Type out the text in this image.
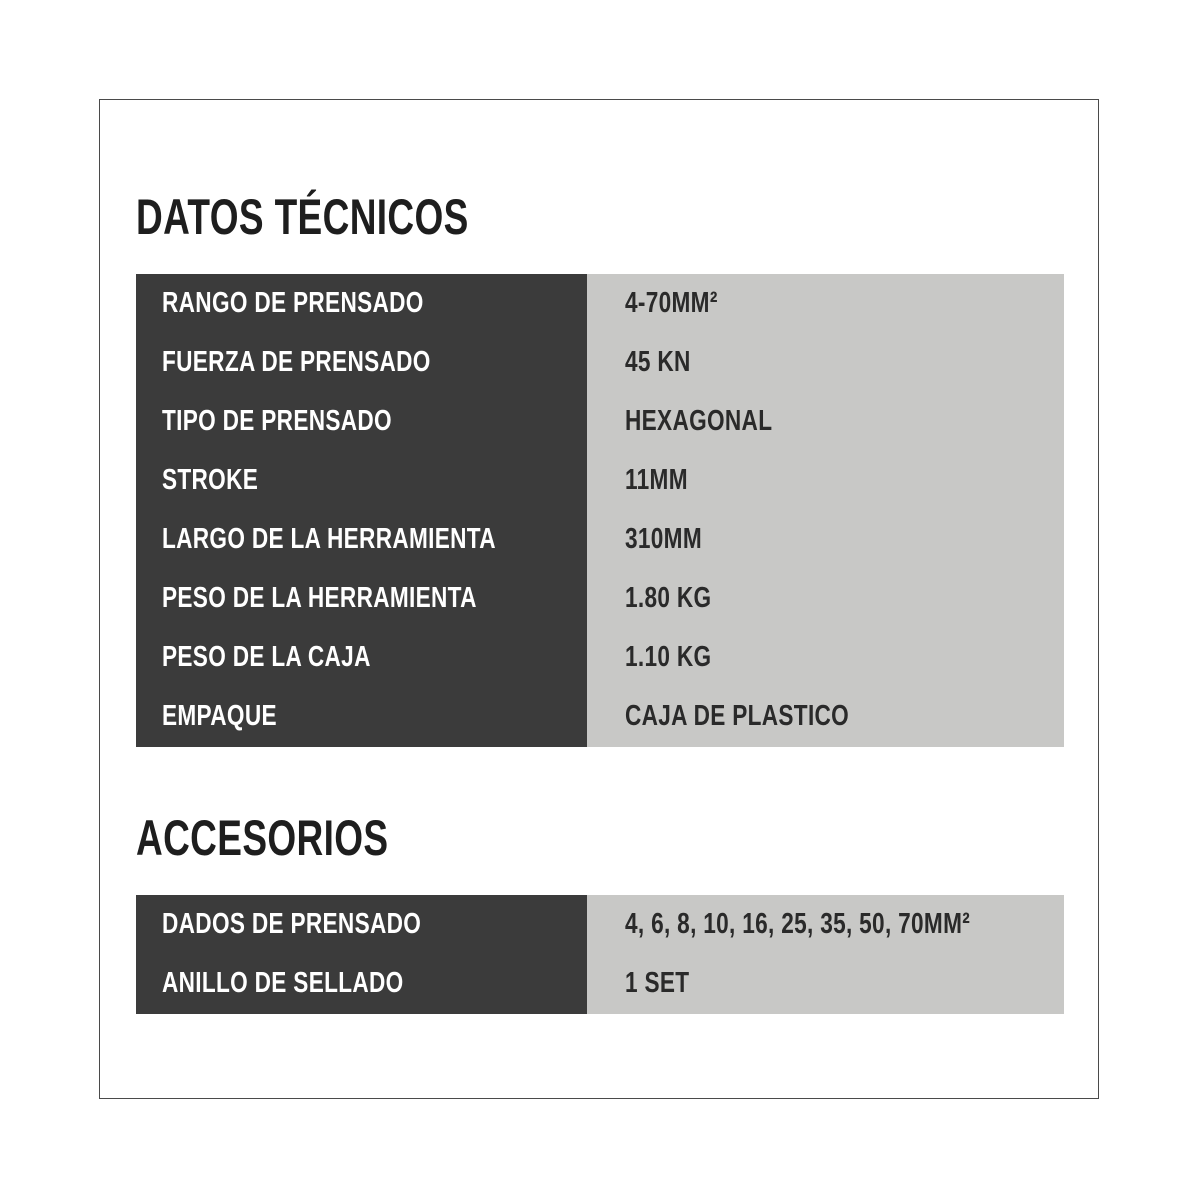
DATOS TÉCNICOS
RANGO DE PRENSADO
FUERZA DE PRENSADO
TIPO DE PRENSADO
STROKE
LARGO DE LA HERRAMIENTA
PESO DE LA HERRAMIENTA
PESO DE LA CAJA
EMPAQUE
4-70MM²
45 KN
HEXAGONAL
11MM
310MM
1.80 KG
1.10 KG
CAJA DE PLASTICO
ACCESORIOS
DADOS DE PRENSADO
ANILLO DE SELLADO
4, 6, 8, 10, 16, 25, 35, 50, 70MM²
1 SET
